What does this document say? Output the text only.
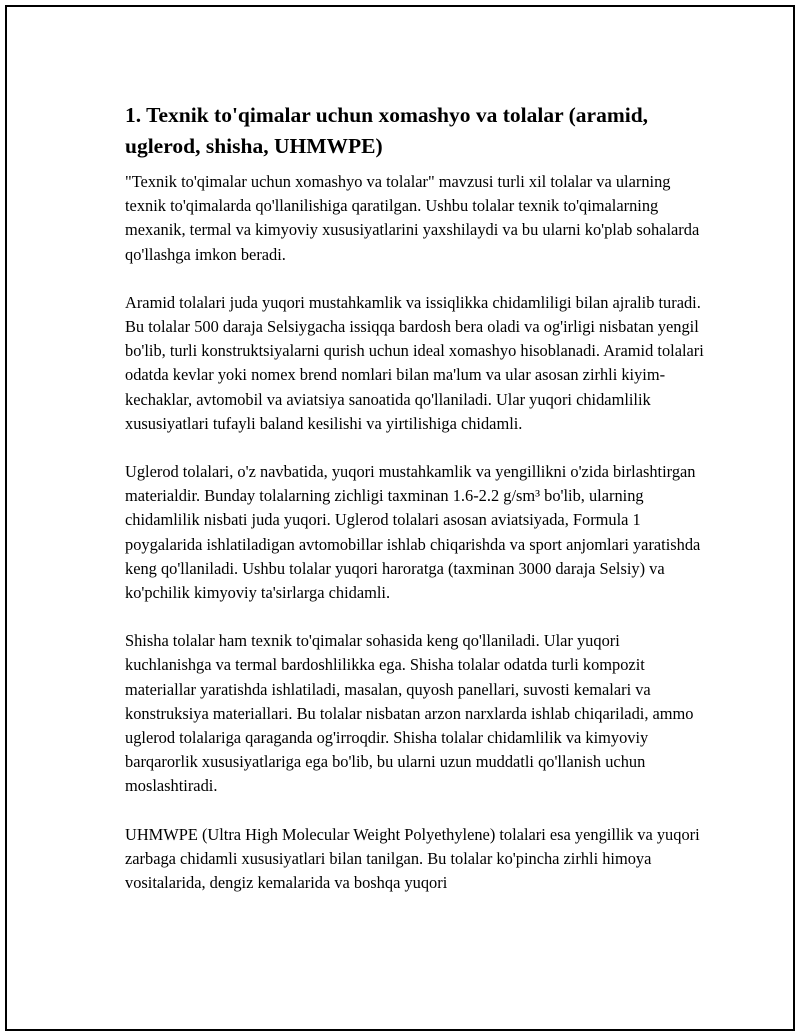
1. Texnik to'qimalar uchun xomashyo va tolalar (aramid, uglerod, shisha, UHMWPE)

"Texnik to'qimalar uchun xomashyo va tolalar" mavzusi turli xil tolalar va ularning texnik to'qimalarda qo'llanilishiga qaratilgan. Ushbu tolalar texnik to'qimalarning mexanik, termal va kimyoviy xususiyatlarini yaxshilaydi va bu ularni ko'plab sohalarda qo'llashga imkon beradi.

Aramid tolalari juda yuqori mustahkamlik va issiqlikka chidamliligi bilan ajralib turadi. Bu tolalar 500 daraja Selsiygacha issiqqa bardosh bera oladi va og'irligi nisbatan yengil bo'lib, turli konstruktsiyalarni qurish uchun ideal xomashyo hisoblanadi. Aramid tolalari odatda kevlar yoki nomex brend nomlari bilan ma'lum va ular asosan zirhli kiyim-kechaklar, avtomobil va aviatsiya sanoatida qo'llaniladi. Ular yuqori chidamlilik xususiyatlari tufayli baland kesilishi va yirtilishiga chidamli.

Uglerod tolalari, o'z navbatida, yuqori mustahkamlik va yengillikni o'zida birlashtirgan materialdir. Bunday tolalarning zichligi taxminan 1.6-2.2 g/sm³ bo'lib, ularning chidamlilik nisbati juda yuqori. Uglerod tolalari asosan aviatsiyada, Formula 1 poygalarida ishlatiladigan avtomobillar ishlab chiqarishda va sport anjomlari yaratishda keng qo'llaniladi. Ushbu tolalar yuqori haroratga (taxminan 3000 daraja Selsiy) va ko'pchilik kimyoviy ta'sirlarga chidamli.

Shisha tolalar ham texnik to'qimalar sohasida keng qo'llaniladi. Ular yuqori kuchlanishga va termal bardoshlilikka ega. Shisha tolalar odatda turli kompozit materiallar yaratishda ishlatiladi, masalan, quyosh panellari, suvosti kemalari va konstruksiya materiallari. Bu tolalar nisbatan arzon narxlarda ishlab chiqariladi, ammo uglerod tolalariga qaraganda og'irroqdir. Shisha tolalar chidamlilik va kimyoviy barqarorlik xususiyatlariga ega bo'lib, bu ularni uzun muddatli qo'llanish uchun moslashtiradi.

UHMWPE (Ultra High Molecular Weight Polyethylene) tolalari esa yengillik va yuqori zarbaga chidamli xususiyatlari bilan tanilgan. Bu tolalar ko'pincha zirhli himoya vositalarida, dengiz kemalarida va boshqa yuqori
